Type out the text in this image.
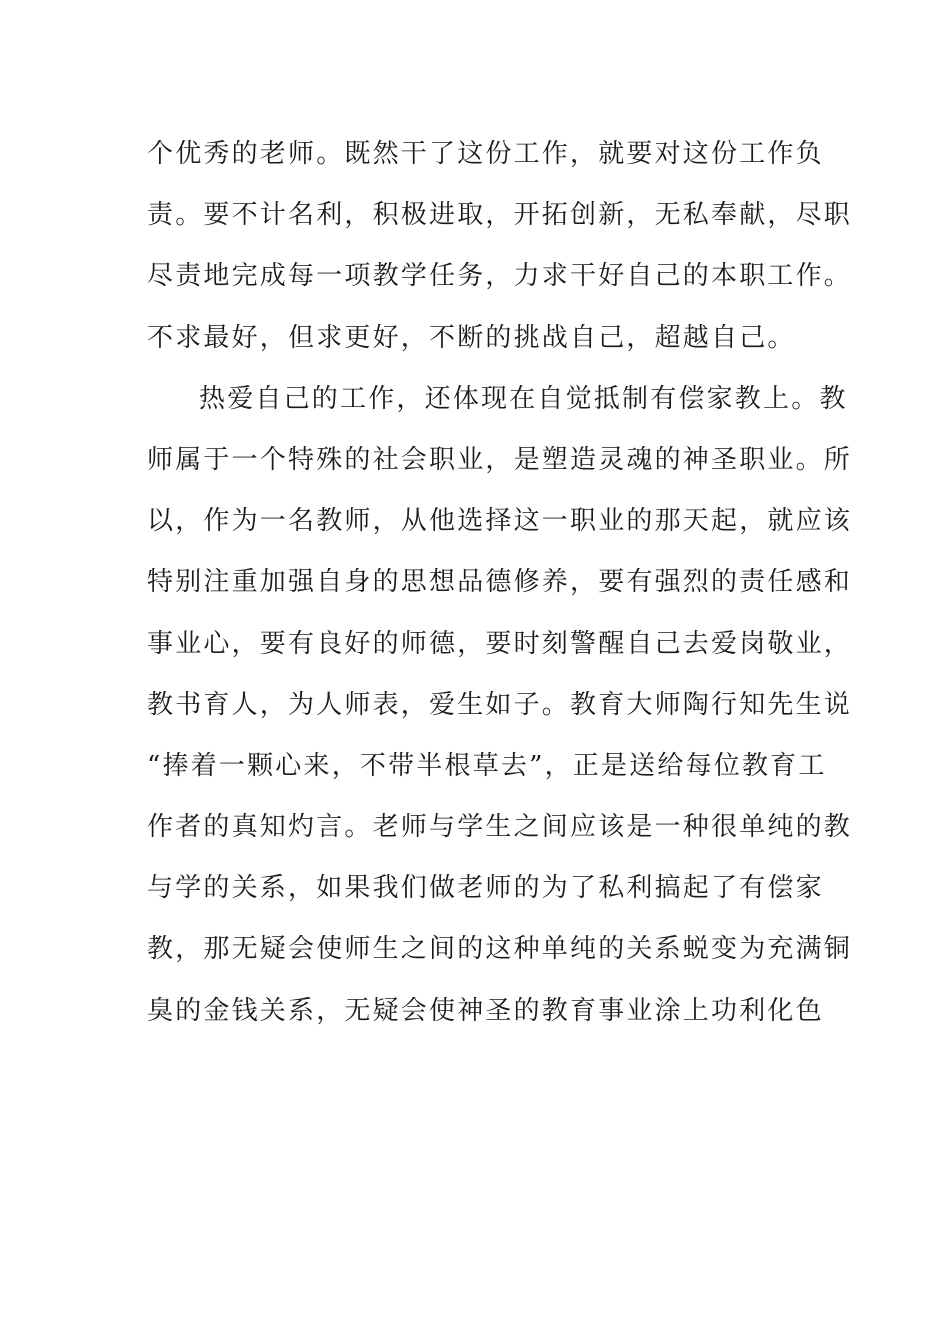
个优秀的老师。既然干了这份工作，就要对这份工作负
责。要不计名利，积极进取，开拓创新，无私奉献，尽职
尽责地完成每一项教学任务，力求干好自己的本职工作。
不求最好，但求更好，不断的挑战自己，超越自己。
热爱自己的工作，还体现在自觉抵制有偿家教上。教
师属于一个特殊的社会职业，是塑造灵魂的神圣职业。所
以，作为一名教师，从他选择这一职业的那天起，就应该
特别注重加强自身的思想品德修养，要有强烈的责任感和
事业心，要有良好的师德，要时刻警醒自己去爱岗敬业，
教书育人，为人师表，爱生如子。教育大师陶行知先生说
“捧着一颗心来，不带半根草去”，正是送给每位教育工
作者的真知灼言。老师与学生之间应该是一种很单纯的教
与学的关系，如果我们做老师的为了私利搞起了有偿家
教，那无疑会使师生之间的这种单纯的关系蜕变为充满铜
臭的金钱关系，无疑会使神圣的教育事业涂上功利化色
